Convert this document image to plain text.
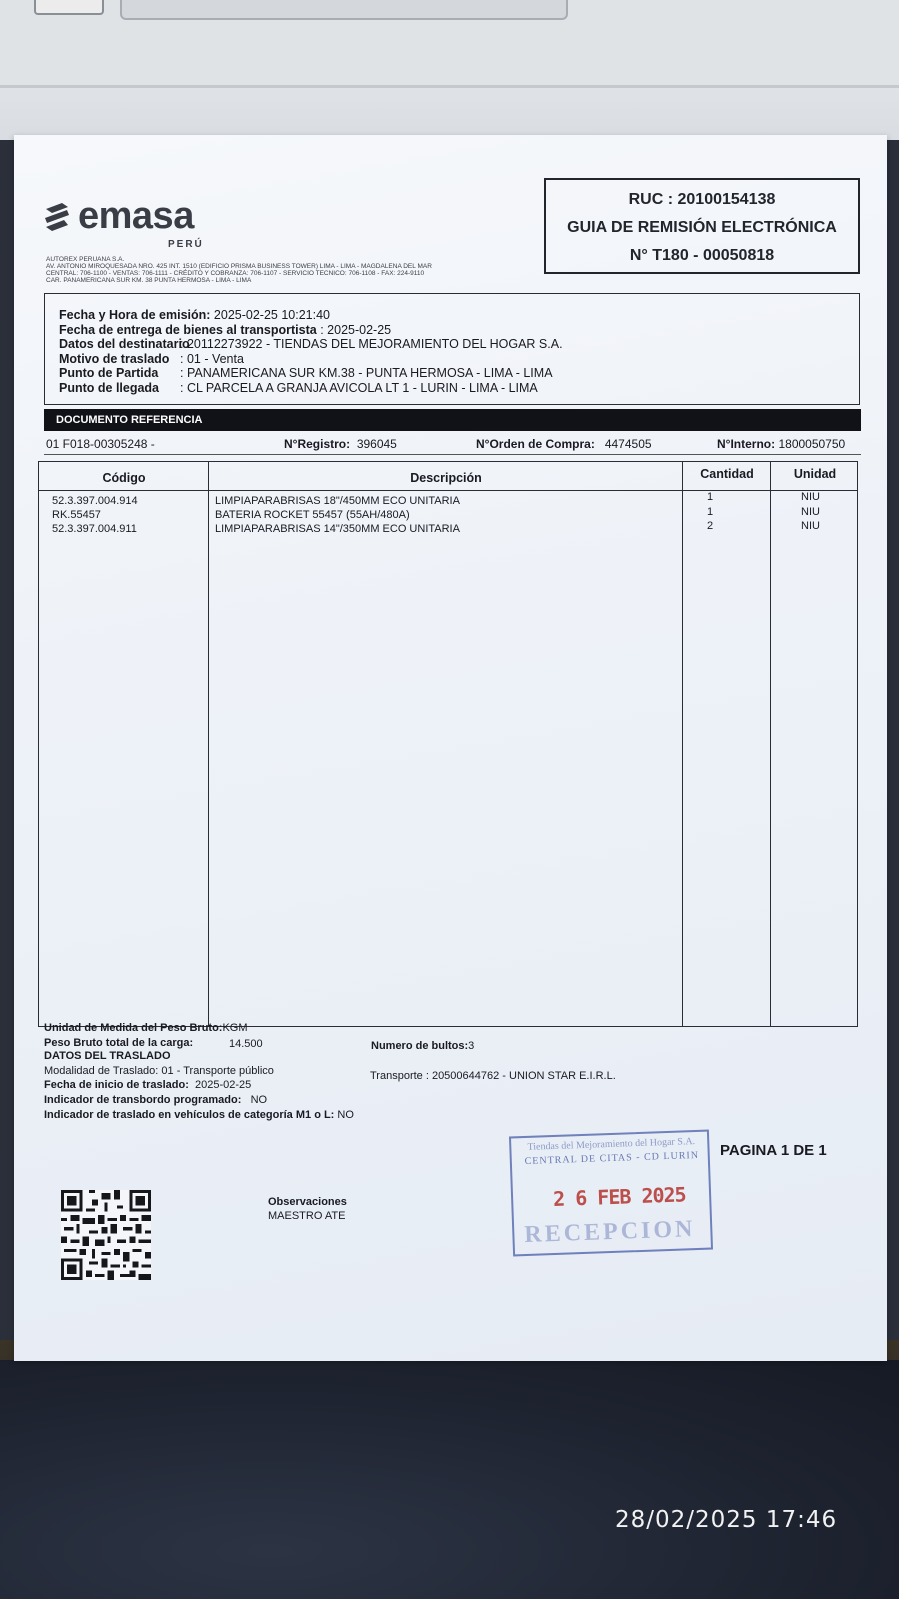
emasa
PERÚ
AUTOREX PERUANA S.A.
AV. ANTONIO MIROQUESADA NRO. 425 INT. 1510 (EDIFICIO PRISMA BUSINESS TOWER) LIMA - LIMA - MAGDALENA DEL MAR
CENTRAL: 706-1100 - VENTAS: 706-1111 - CRÉDITO Y COBRANZA: 706-1107 - SERVICIO TECNICO: 706-1108 - FAX: 224-9110
CAR. PANAMERICANA SUR KM. 38 PUNTA HERMOSA - LIMA - LIMA
RUC : 20100154138
GUIA DE REMISIÓN ELECTRÓNICA
N° T180 - 00050818
Fecha y Hora de emisión: 2025-02-25 10:21:40
Fecha de entrega de bienes al transportista : 2025-02-25
Datos del destinatario: 20112273922 - TIENDAS DEL MEJORAMIENTO DEL HOGAR S.A.
Motivo de traslado : 01 - Venta
Punto de Partida : PANAMERICANA SUR KM.38 - PUNTA HERMOSA - LIMA - LIMA
Punto de llegada : CL PARCELA A GRANJA AVICOLA LT 1 - LURIN - LIMA - LIMA
DOCUMENTO REFERENCIA
01 F018-00305248 -	N°Registro: 396045	N°Orden de Compra: 4474505	N°Interno: 1800050750
Código	Descripción	Cantidad	Unidad
52.3.397.004.914	LIMPIAPARABRISAS 18"/450MM ECO UNITARIA	1	NIU
RK.55457	BATERIA ROCKET 55457 (55AH/480A)	1	NIU
52.3.397.004.911	LIMPIAPARABRISAS 14"/350MM ECO UNITARIA	2	NIU
Unidad de Medida del Peso Bruto:KGM
Peso Bruto total de la carga:	14.500	Numero de bultos:3
DATOS DEL TRASLADO
Modalidad de Traslado: 01 - Transporte público	Transporte : 20500644762 - UNION STAR E.I.R.L.
Fecha de inicio de traslado: 2025-02-25
Indicador de transbordo programado: NO
Indicador de traslado en vehículos de categoría M1 o L: NO
PAGINA 1 DE 1
Tiendas del Mejoramiento del Hogar S.A.
CENTRAL DE CITAS - CD LURIN
2 6 FEB 2025
RECEPCION
Observaciones
MAESTRO ATE
28/02/2025 17:46
